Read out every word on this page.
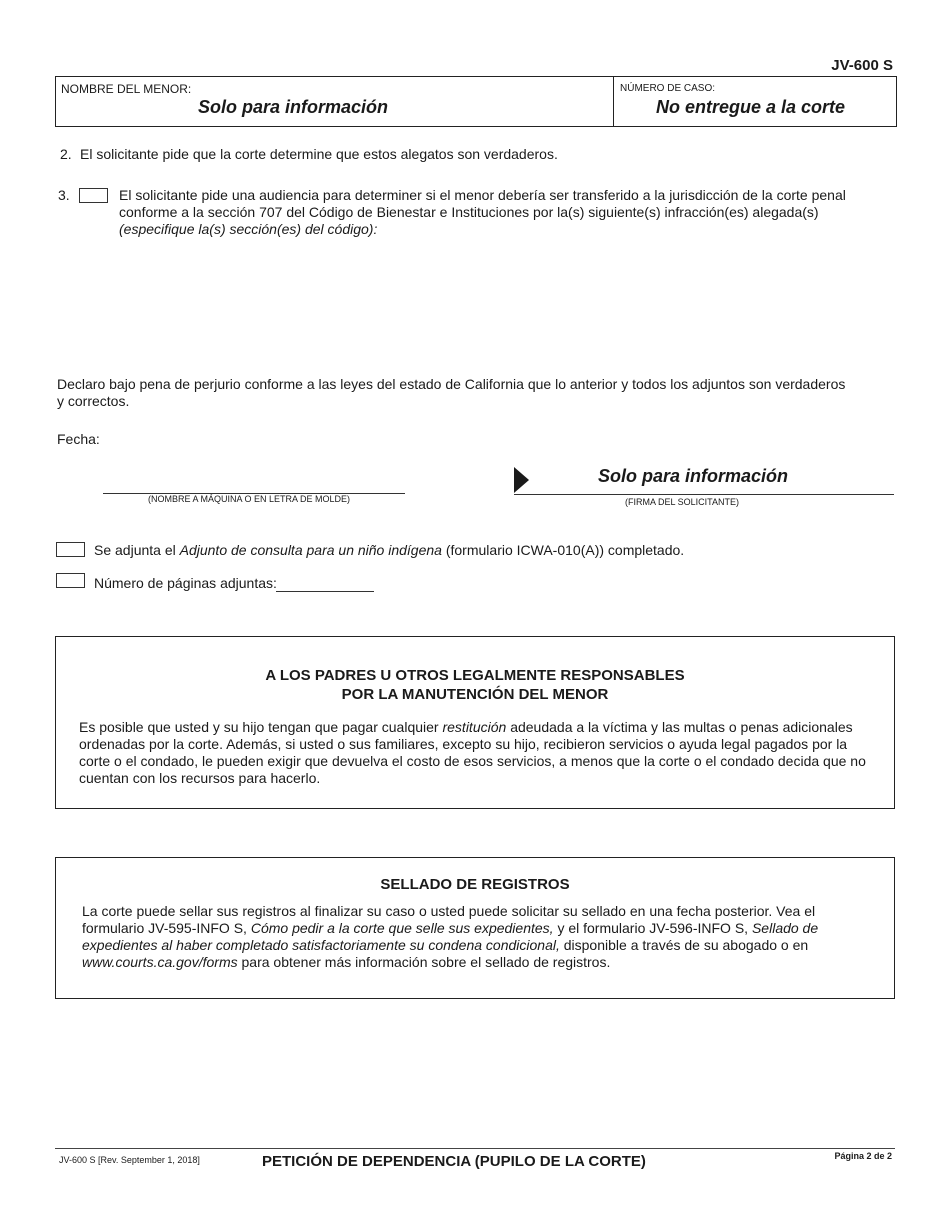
JV-600 S
NOMBRE DEL MENOR:
Solo para información
NÚMERO DE CASO:
No entregue a la corte
2. El solicitante pide que la corte determine que estos alegatos son verdaderos.
3.	El solicitante pide una audiencia para determiner si el menor debería ser transferido a la jurisdicción de la corte penal
conforme a la sección 707 del Código de Bienestar e Instituciones por la(s) siguiente(s) infracción(es) alegada(s)
(especifique la(s) sección(es) del código):
Declaro bajo pena de perjurio conforme a las leyes del estado de California que lo anterior y todos los adjuntos son verdaderos
y correctos.
Fecha:
(NOMBRE A MÁQUINA O EN LETRA DE MOLDE)
Solo para información
(FIRMA DEL SOLICITANTE)
Se adjunta el Adjunto de consulta para un niño indígena (formulario ICWA-010(A)) completado.
Número de páginas adjuntas:
A LOS PADRES U OTROS LEGALMENTE RESPONSABLES
POR LA MANUTENCIÓN DEL MENOR
Es posible que usted y su hijo tengan que pagar cualquier restitución adeudada a la víctima y las multas o penas adicionales
ordenadas por la corte. Además, si usted o sus familiares, excepto su hijo, recibieron servicios o ayuda legal pagados por la
corte o el condado, le pueden exigir que devuelva el costo de esos servicios, a menos que la corte o el condado decida que no
cuentan con los recursos para hacerlo.
SELLADO DE REGISTROS
La corte puede sellar sus registros al finalizar su caso o usted puede solicitar su sellado en una fecha posterior. Vea el
formulario JV-595-INFO S, Cómo pedir a la corte que selle sus expedientes, y el formulario JV-596-INFO S, Sellado de
expedientes al haber completado satisfactoriamente su condena condicional, disponible a través de su abogado o en
www.courts.ca.gov/forms para obtener más información sobre el sellado de registros.
JV-600 S [Rev. September 1, 2018]	PETICIÓN DE DEPENDENCIA (PUPILO DE LA CORTE)	Página 2 de 2
